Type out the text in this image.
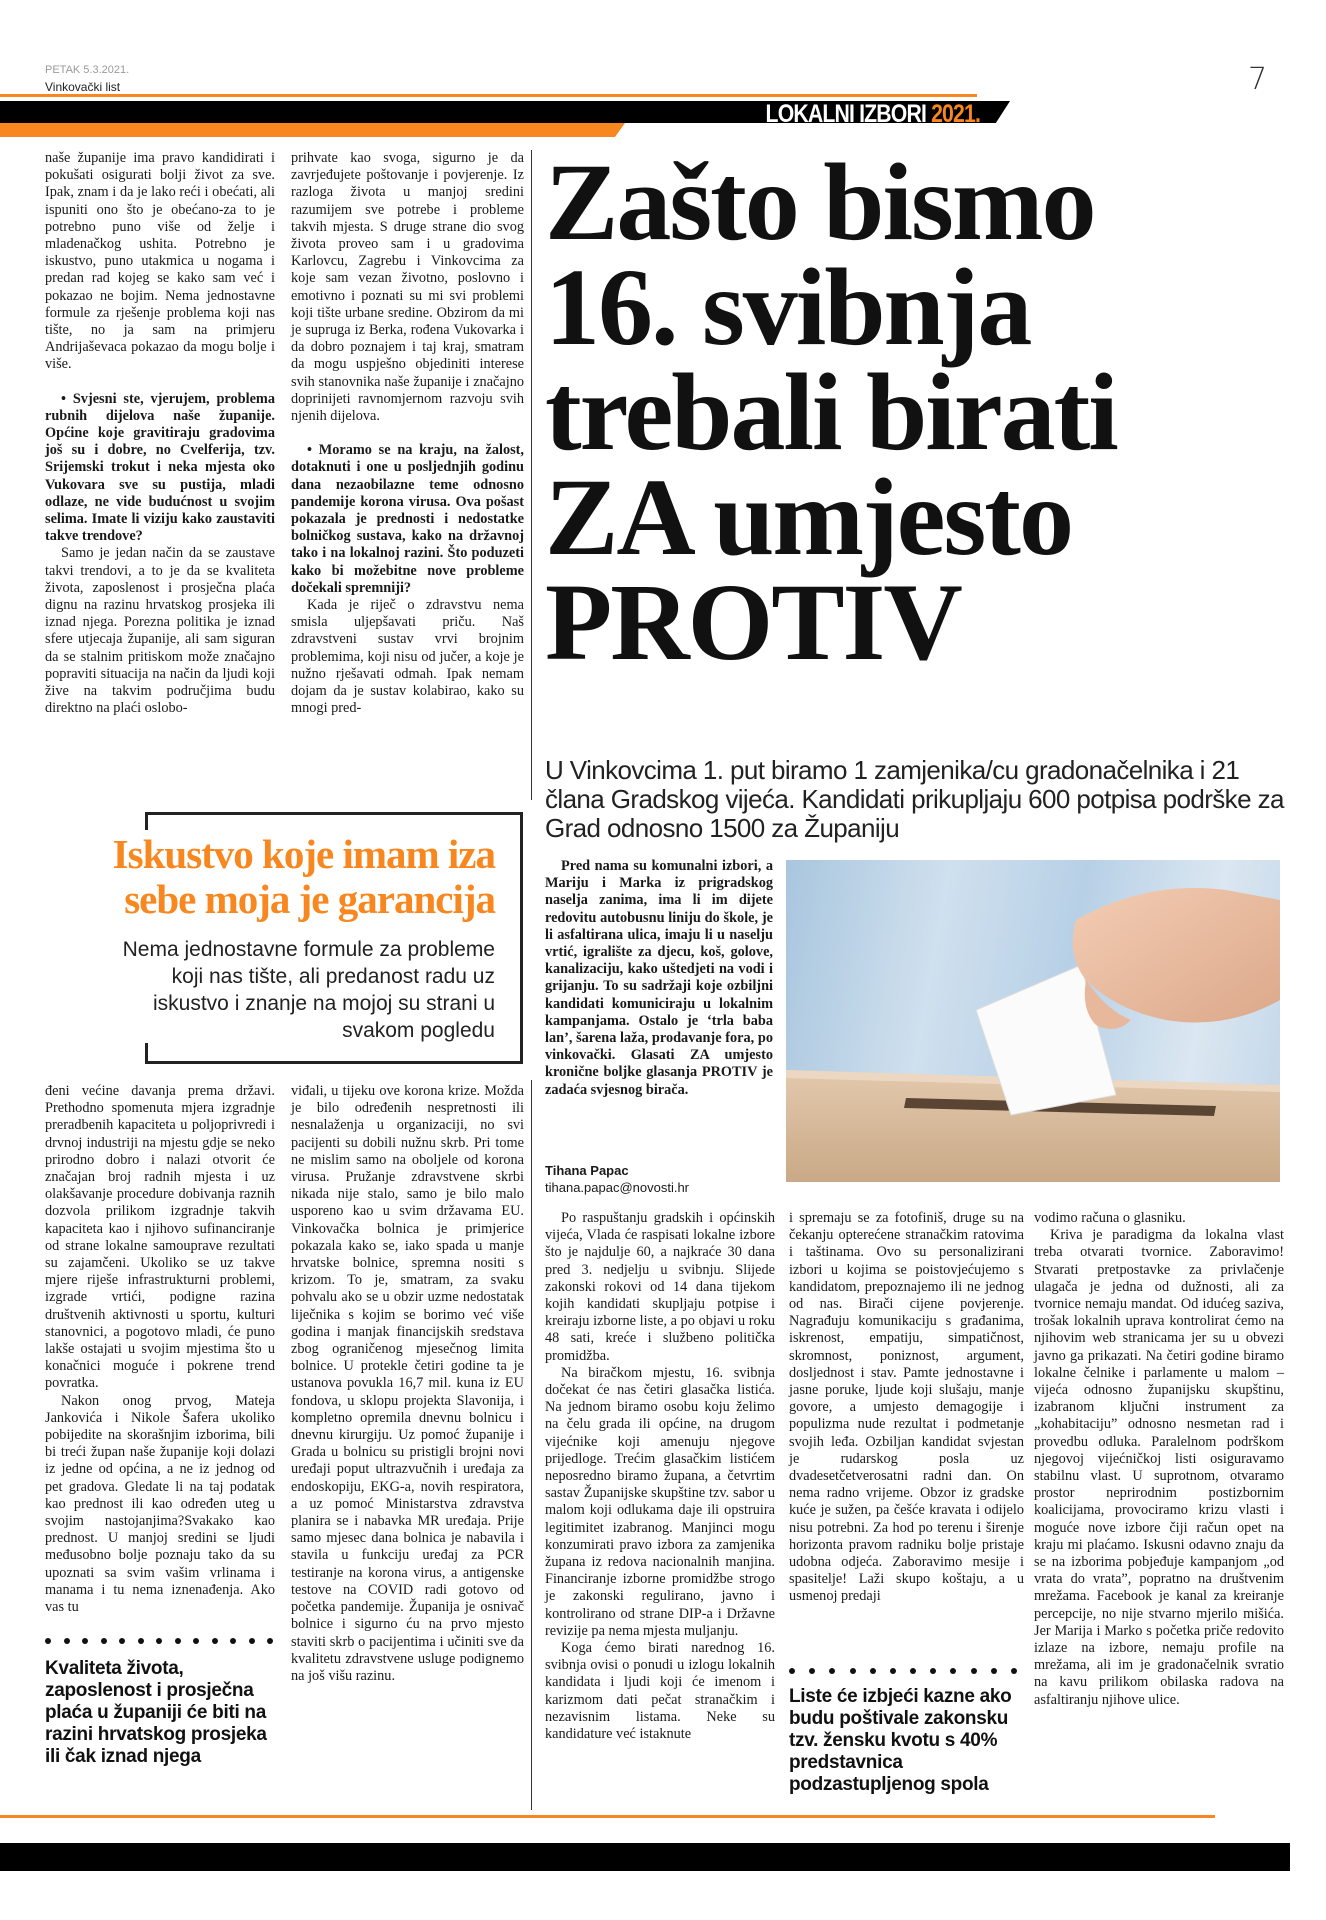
PETAK 5.3.2021.
Vinkovački list	7
LOKALNI IZBORI 2021.

naše županije ima pravo kandidirati i pokušati osigurati bolji život za sve. Ipak, znam i da je lako reći i obećati, ali ispuniti ono što je obećano-za to je potrebno puno više od želje i mladenačkog ushita. Potrebno je iskustvo, puno utakmica u nogama i predan rad kojeg se kako sam već i pokazao ne bojim. Nema jednostavne formule za rješenje problema koji nas tište, no ja sam na primjeru Andrijaševaca pokazao da mogu bolje i više.

• Svjesni ste, vjerujem, problema rubnih dijelova naše županije. Općine koje gravitiraju gradovima još su i dobre, no Cvelferija, tzv. Srijemski trokut i neka mjesta oko Vukovara sve su pustija, mladi odlaze, ne vide budućnost u svojim selima. Imate li viziju kako zaustaviti takve trendove?

Samo je jedan način da se zaustave takvi trendovi, a to je da se kvaliteta života, zaposlenost i prosječna plaća dignu na razinu hrvatskog prosjeka ili iznad njega. Porezna politika je iznad sfere utjecaja županije, ali sam siguran da se stalnim pritiskom može značajno popraviti situacija na način da ljudi koji žive na takvim područjima budu direktno na plaći oslobo-

prihvate kao svoga, sigurno je da zavrjeđujete poštovanje i povjerenje. Iz razloga života u manjoj sredini razumijem sve potrebe i probleme takvih mjesta. S druge strane dio svog života proveo sam i u gradovima Karlovcu, Zagrebu i Vinkovcima za koje sam vezan životno, poslovno i emotivno i poznati su mi svi problemi koji tište urbane sredine. Obzirom da mi je supruga iz Berka, rođena Vukovarka i da dobro poznajem i taj kraj, smatram da mogu uspješno objediniti interese svih stanovnika naše županije i značajno doprinijeti ravnomjernom razvoju svih njenih dijelova.

• Moramo se na kraju, na žalost, dotaknuti i one u posljednjih godinu dana nezaobilazne teme odnosno pandemije korona virusa. Ova pošast pokazala je prednosti i nedostatke bolničkog sustava, kako na državnoj tako i na lokalnoj razini. Što poduzeti kako bi možebitne nove probleme dočekali spremniji?

Kada je riječ o zdravstvu nema smisla uljepšavati priču. Naš zdravstveni sustav vrvi brojnim problemima, koji nisu od jučer, a koje je nužno rješavati odmah. Ipak nemam dojam da je sustav kolabirao, kako su mnogi pred-

Zašto bismo
16. svibnja
trebali birati
ZA umjesto
PROTIV
U Vinkovcima 1. put biramo 1 zamjenika/cu gradonačelnika i 21 člana Gradskog vijeća. Kandidati prikupljaju 600 potpisa podrške za Grad odnosno 1500 za Županiju

Pred nama su komunalni izbori, a Mariju i Marka iz prigradskog naselja zanima, ima li im dijete redovitu autobusnu liniju do škole, je li asfaltirana ulica, imaju li u naselju vrtić, igralište za djecu, koš, golove, kanalizaciju, kako uštedjeti na vodi i grijanju. To su sadržaji koje ozbiljni kandidati komuniciraju u lokalnim kampanjama. Ostalo je ‘trla baba lan’, šarena laža, prodavanje fora, po vinkovački. Glasati ZA umjesto kronične boljke glasanja PROTIV je zadaća svjesnog birača.

Tihana Papac
tihana.papac@novosti.hr
Iskustvo koje imam iza sebe moja je garancija
Nema jednostavne formule za probleme koji nas tište, ali predanost radu uz iskustvo i znanje na mojoj su strani u svakom pogledu

đeni većine davanja prema državi. Prethodno spomenuta mjera izgradnje preradbenih kapaciteta u poljoprivredi i drvnoj industriji na mjestu gdje se neko prirodno dobro i nalazi otvorit će značajan broj radnih mjesta i uz olakšavanje procedure dobivanja raznih dozvola prilikom izgradnje takvih kapaciteta kao i njihovo sufinanciranje od strane lokalne samouprave rezultati su zajamčeni. Ukoliko se uz takve mjere riješe infrastrukturni problemi, izgrade vrtići, podigne razina društvenih aktivnosti u sportu, kulturi stanovnici, a pogotovo mladi, će puno lakše ostajati u svojim mjestima što u konačnici moguće i pokrene trend povratka.

Nakon onog prvog, Mateja Jankovića i Nikole Šafera ukoliko pobijedite na skorašnjim izborima, bili bi treći župan naše županije koji dolazi iz jedne od općina, a ne iz jednog od pet gradova. Gledate li na taj podatak kao prednost ili kao određen uteg u svojim nastojanjima?Svakako kao prednost. U manjoj sredini se ljudi međusobno bolje poznaju tako da su upoznati sa svim vašim vrlinama i manama i tu nema iznenađenja. Ako vas tu

Kvaliteta života, zaposlenost i prosječna plaća u županiji će biti na razini hrvatskog prosjeka ili čak iznad njega

viđali, u tijeku ove korona krize. Možda je bilo određenih nespretnosti ili nesnalaženja u organizaciji, no svi pacijenti su dobili nužnu skrb. Pri tome ne mislim samo na oboljele od korona virusa. Pružanje zdravstvene skrbi nikada nije stalo, samo je bilo malo usporeno kao u svim državama EU. Vinkovačka bolnica je primjerice pokazala kako se, iako spada u manje hrvatske bolnice, spremna nositi s krizom. To je, smatram, za svaku pohvalu ako se u obzir uzme nedostatak liječnika s kojim se borimo već više godina i manjak financijskih sredstava zbog ograničenog mjesečnog limita bolnice. U protekle četiri godine ta je ustanova povukla 16,7 mil. kuna iz EU fondova, u sklopu projekta Slavonija, i kompletno opremila dnevnu bolnicu i dnevnu kirurgiju. Uz pomoć županije i Grada u bolnicu su pristigli brojni novi uređaji poput ultrazvučnih i uređaja za endoskopiju, EKG-a, novih respiratora, a uz pomoć Ministarstva zdravstva planira se i nabavka MR uređaja. Prije samo mjesec dana bolnica je nabavila i stavila u funkciju uređaj za PCR testiranje na korona virus, a antigenske testove na COVID radi gotovo od početka pandemije. Županija je osnivač bolnice i sigurno ću na prvo mjesto staviti skrb o pacijentima i učiniti sve da kvalitetu zdravstvene usluge podignemo na još višu razinu.

Po raspuštanju gradskih i općinskih vijeća, Vlada će raspisati lokalne izbore što je najdulje 60, a najkraće 30 dana pred 3. nedjelju u svibnju. Slijede zakonski rokovi od 14 dana tijekom kojih kandidati skupljaju potpise i kreiraju izborne liste, a po objavi u roku 48 sati, kreće i službeno politička promidžba.

Na biračkom mjestu, 16. svibnja dočekat će nas četiri glasačka listića. Na jednom biramo osobu koju želimo na čelu grada ili općine, na drugom vijećnike koji amenuju njegove prijedloge. Trećim glasačkim listićem neposredno biramo župana, a četvrtim sastav Županijske skupštine tzv. sabor u malom koji odlukama daje ili opstruira legitimitet izabranog. Manjinci mogu konzumirati pravo izbora za zamjenika župana iz redova nacionalnih manjina. Financiranje izborne promidžbe strogo je zakonski regulirano, javno i kontrolirano od strane DIP-a i Državne revizije pa nema mjesta muljanju.

Koga ćemo birati narednog 16. svibnja ovisi o ponudi u izlogu lokalnih kandidata i ljudi koji će imenom i karizmom dati pečat stranačkim i nezavisnim listama. Neke su kandidature već istaknute

i spremaju se za fotofiniš, druge su na čekanju opterećene stranačkim ratovima i taštinama. Ovo su personalizirani izbori u kojima se poistovjećujemo s kandidatom, prepoznajemo ili ne jednog od nas. Birači cijene povjerenje. Nagrađuju komunikaciju s građanima, iskrenost, empatiju, simpatičnost, skromnost, poniznost, argument, dosljednost i stav. Pamte jednostavne i jasne poruke, ljude koji slušaju, manje govore, a umjesto demagogije i populizma nude rezultat i podmetanje svojih leđa. Ozbiljan kandidat svjestan je rudarskog posla uz dvadesetčetverosatni radni dan. On nema radno vrijeme. Obzor iz gradske kuće je sužen, pa češće kravata i odijelo nisu potrebni. Za hod po terenu i širenje horizonta pravom radniku bolje pristaje udobna odjeća. Zaboravimo mesije i spasitelje! Laži skupo koštaju, a u usmenoj predaji

Liste će izbjeći kazne ako budu poštivale zakonsku tzv. žensku kvotu s 40% predstavnica podzastupljenog spola

vodimo računa o glasniku.

Kriva je paradigma da lokalna vlast treba otvarati tvornice. Zaboravimo! Stvarati pretpostavke za privlačenje ulagača je jedna od dužnosti, ali za tvornice nemaju mandat. Od idućeg saziva, trošak lokalnih uprava kontrolirat ćemo na njihovim web stranicama jer su u obvezi javno ga prikazati. Na četiri godine biramo lokalne čelnike i parlamente u malom – vijeća odnosno županijsku skupštinu, izabranom ključni instrument za „kohabitaciju” odnosno nesmetan rad i provedbu odluka. Paralelnom podrškom njegovoj vijećničkoj listi osiguravamo stabilnu vlast. U suprotnom, otvaramo prostor neprirodnim postizbornim koalicijama, provociramo krizu vlasti i moguće nove izbore čiji račun opet na kraju mi plaćamo. Iskusni odavno znaju da se na izborima pobjeđuje kampanjom „od vrata do vrata”, popratno na društvenim mrežama. Facebook je kanal za kreiranje percepcije, no nije stvarno mjerilo mišića. Jer Marija i Marko s početka priče redovito izlaze na izbore, nemaju profile na mrežama, ali im je gradonačelnik svratio na kavu prilikom obilaska radova na asfaltiranju njihove ulice.
